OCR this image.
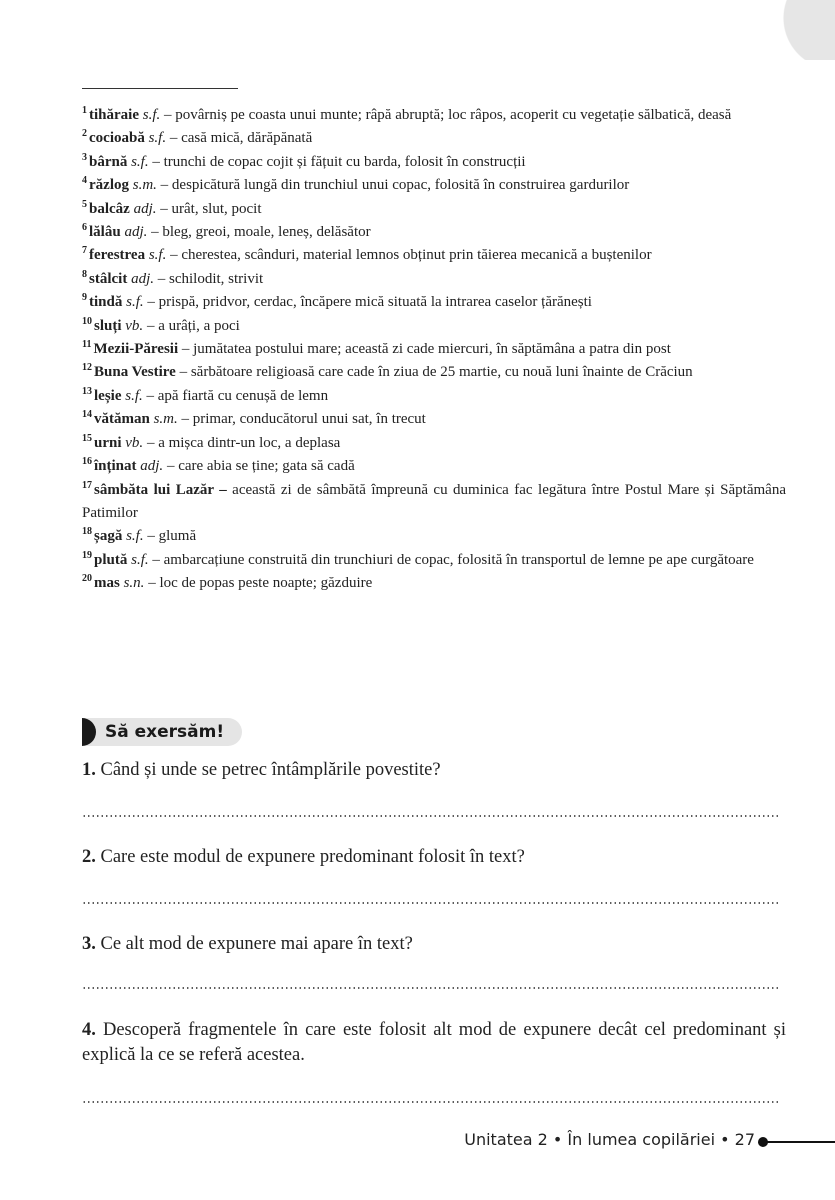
$^1$ tihăraie s.f. – povârniș pe coasta unui munte; râpă abruptă; loc râpos, acoperit cu vegetație sălbatică, deasă
$^2$ cocioabă s.f. – casă mică, dărăpănată
$^3$ bârnă s.f. – trunchi de copac cojit și fățuit cu barda, folosit în construcții
$^4$ răzlog s.m. – despicătură lungă din trunchiul unui copac, folosită în construirea gardurilor
$^5$ balcâz adj. – urât, slut, pocit
$^6$ lălâu adj. – bleg, greoi, moale, leneș, delăsător
$^7$ ferestrea s.f. – cherestea, scânduri, material lemnos obținut prin tăierea mecanică a buștenilor
$^8$ stâlcit adj. – schilodit, strivit
$^9$ tindă s.f. – prispă, pridvor, cerdac, încăpere mică situată la intrarea caselor țărănești
$^{10}$ sluți vb. – a urâți, a poci
$^{11}$ Mezii-Păresii – jumătatea postului mare; această zi cade miercuri, în săptămâna a patra din post
$^{12}$ Buna Vestire – sărbătoare religioasă care cade în ziua de 25 martie, cu nouă luni înainte de Crăciun
$^{13}$ leșie s.f. – apă fiartă cu cenușă de lemn
$^{14}$ vătăman s.m. – primar, conducătorul unui sat, în trecut
$^{15}$ urni vb. – a mișca dintr-un loc, a deplasa
$^{16}$ înținat adj. – care abia se ține; gata să cadă
$^{17}$ sâmbăta lui Lazăr – această zi de sâmbătă împreună cu duminica fac legătura între Postul Mare și Săptămâna Patimilor
$^{18}$ șagă s.f. – glumă
$^{19}$ plută s.f. – ambarcațiune construită din trunchiuri de copac, folosită în transportul de lemne pe ape curgătoare
$^{20}$ mas s.n. – loc de popas peste noapte; găzduire
Să exersăm!
1. Când și unde se petrec întâmplările povestite?
2. Care este modul de expunere predominant folosit în text?
3. Ce alt mod de expunere mai apare în text?
4. Descoperă fragmentele în care este folosit alt mod de expunere decât cel predominant și explică la ce se referă acestea.
Unitatea 2 • În lumea copilăriei • 27
